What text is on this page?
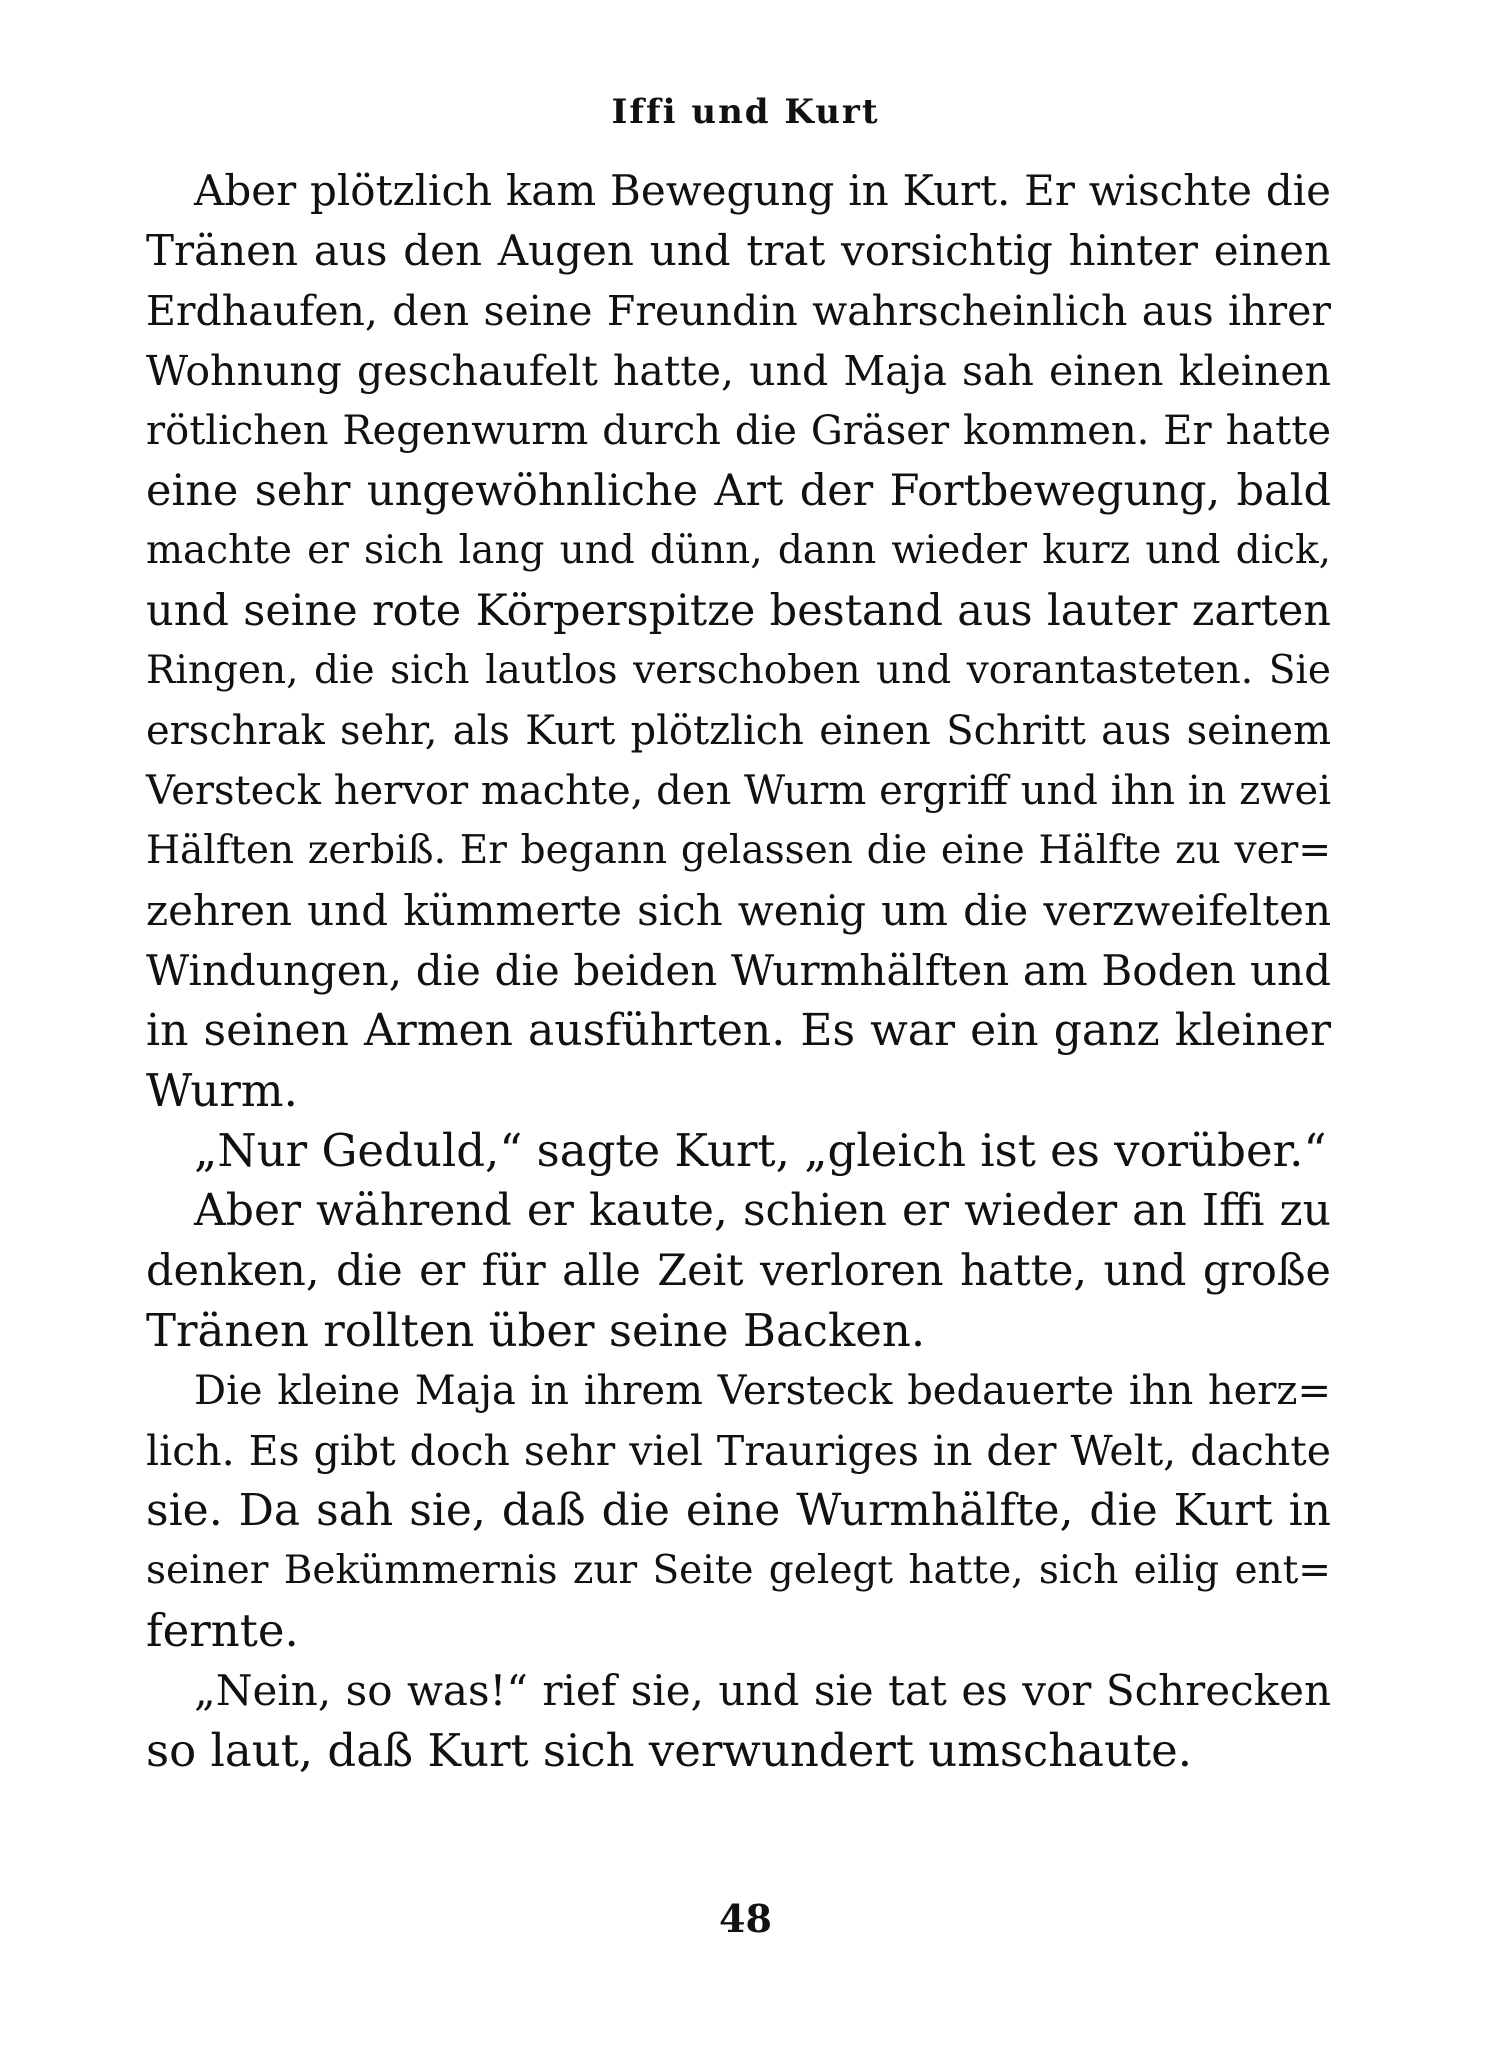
Iffi und Kurt
Aber plötzlich kam Bewegung in Kurt. Er wischte die
Tränen aus den Augen und trat vorsichtig hinter einen
Erdhaufen, den seine Freundin wahrscheinlich aus ihrer
Wohnung geschaufelt hatte, und Maja sah einen kleinen
rötlichen Regenwurm durch die Gräser kommen. Er hatte
eine sehr ungewöhnliche Art der Fortbewegung, bald
machte er sich lang und dünn, dann wieder kurz und dick,
und seine rote Körperspitze bestand aus lauter zarten
Ringen, die sich lautlos verschoben und vorantasteten. Sie
erschrak sehr, als Kurt plötzlich einen Schritt aus seinem
Versteck hervor machte, den Wurm ergriff und ihn in zwei
Hälften zerbiß. Er begann gelassen die eine Hälfte zu ver=
zehren und kümmerte sich wenig um die verzweifelten
Windungen, die die beiden Wurmhälften am Boden und
in seinen Armen ausführten. Es war ein ganz kleiner
Wurm.
„Nur Geduld,“ sagte Kurt, „gleich ist es vorüber.“
Aber während er kaute, schien er wieder an Iffi zu
denken, die er für alle Zeit verloren hatte, und große
Tränen rollten über seine Backen.
Die kleine Maja in ihrem Versteck bedauerte ihn herz=
lich. Es gibt doch sehr viel Trauriges in der Welt, dachte
sie. Da sah sie, daß die eine Wurmhälfte, die Kurt in
seiner Bekümmernis zur Seite gelegt hatte, sich eilig ent=
fernte.
„Nein, so was!“ rief sie, und sie tat es vor Schrecken
so laut, daß Kurt sich verwundert umschaute.
48
